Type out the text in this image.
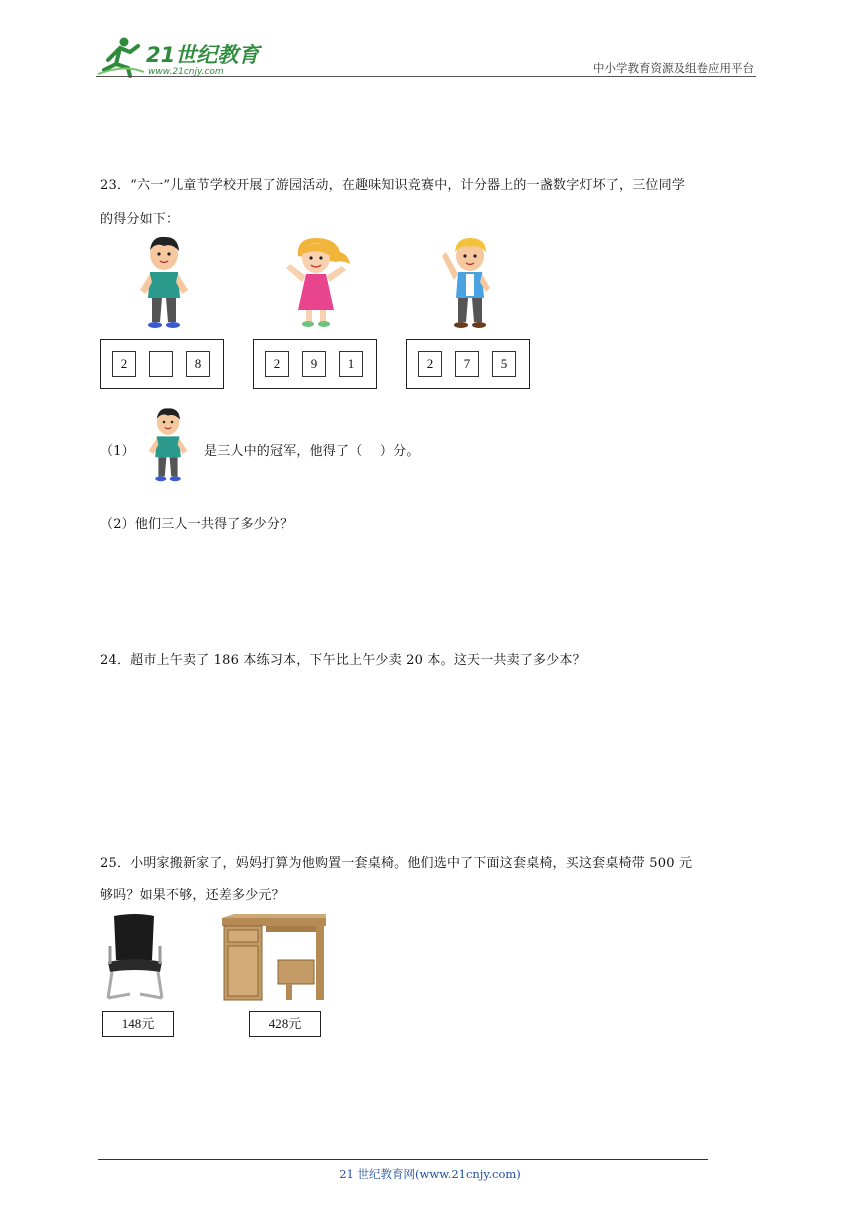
21世纪教育
www.21cnjy.com	中小学教育资源及组卷应用平台
23．“六一”儿童节学校开展了游园活动，在趣味知识竞赛中，计分器上的一盏数字灯坏了，三位同学
的得分如下：
2	8	2	9	1	2	7	5
（1）	是三人中的冠军，他得了（　 ）分。
（2）他们三人一共得了多少分？
24．超市上午卖了 186 本练习本，下午比上午少卖 20 本。这天一共卖了多少本？
25．小明家搬新家了，妈妈打算为他购置一套桌椅。他们选中了下面这套桌椅，买这套桌椅带 500 元
够吗？如果不够，还差多少元？
148元	428元
21 世纪教育网(www.21cnjy.com)
